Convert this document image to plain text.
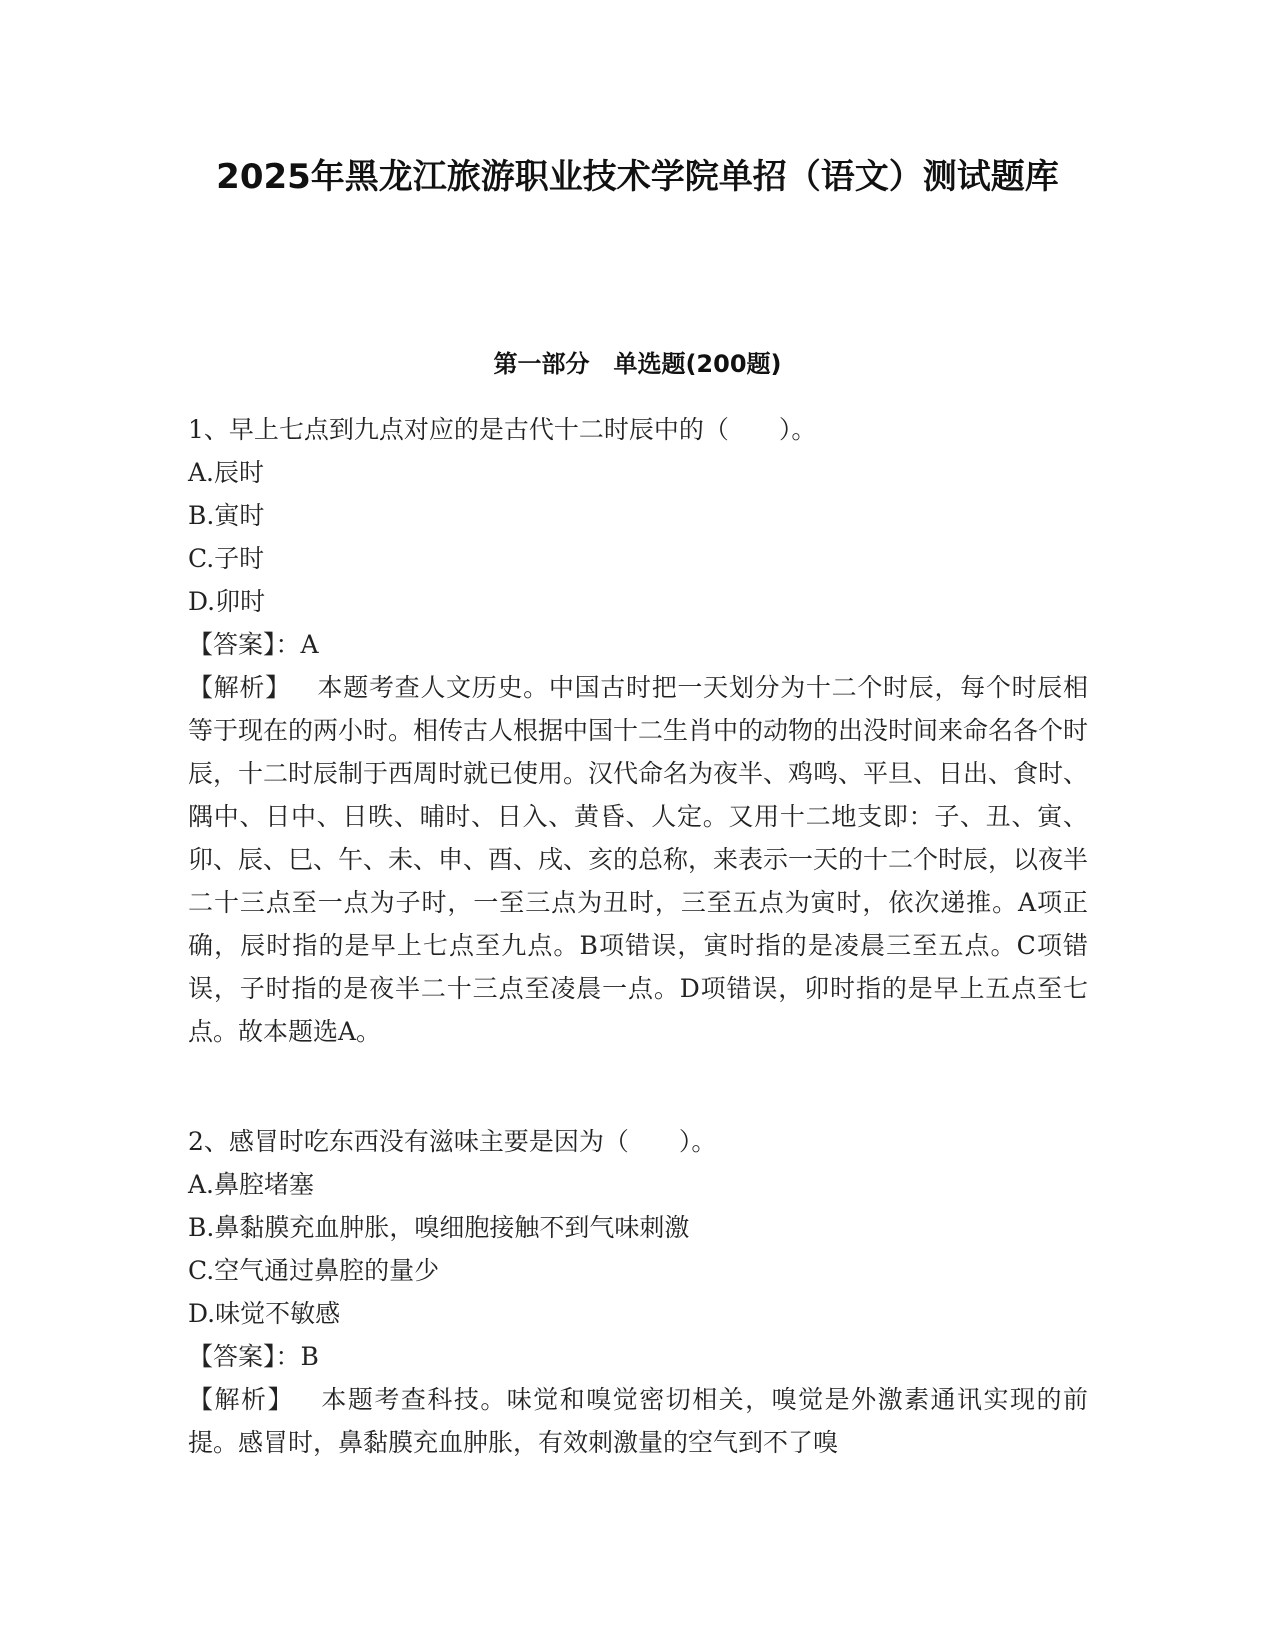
2025年黑龙江旅游职业技术学院单招（语文）测试题库
第一部分　单选题(200题)
1、早上七点到九点对应的是古代十二时辰中的（　　）。
A.辰时
B.寅时
C.子时
D.卯时
【答案】：A
【解析】 本题考查人文历史。中国古时把一天划分为十二个时辰，每个时辰相等于现在的两小时。相传古人根据中国十二生肖中的动物的出没时间来命名各个时辰，十二时辰制于西周时就已使用。汉代命名为夜半、鸡鸣、平旦、日出、食时、隅中、日中、日昳、晡时、日入、黄昏、人定。又用十二地支即：子、丑、寅、卯、辰、巳、午、未、申、酉、戌、亥的总称，来表示一天的十二个时辰，以夜半二十三点至一点为子时，一至三点为丑时，三至五点为寅时，依次递推。A项正确，辰时指的是早上七点至九点。B项错误，寅时指的是凌晨三至五点。C项错误，子时指的是夜半二十三点至凌晨一点。D项错误，卯时指的是早上五点至七点。故本题选A。
2、感冒时吃东西没有滋味主要是因为（　　）。
A.鼻腔堵塞
B.鼻黏膜充血肿胀，嗅细胞接触不到气味刺激
C.空气通过鼻腔的量少
D.味觉不敏感
【答案】：B
【解析】 本题考查科技。味觉和嗅觉密切相关，嗅觉是外激素通讯实现的前提。感冒时，鼻黏膜充血肿胀，有效刺激量的空气到不了嗅
